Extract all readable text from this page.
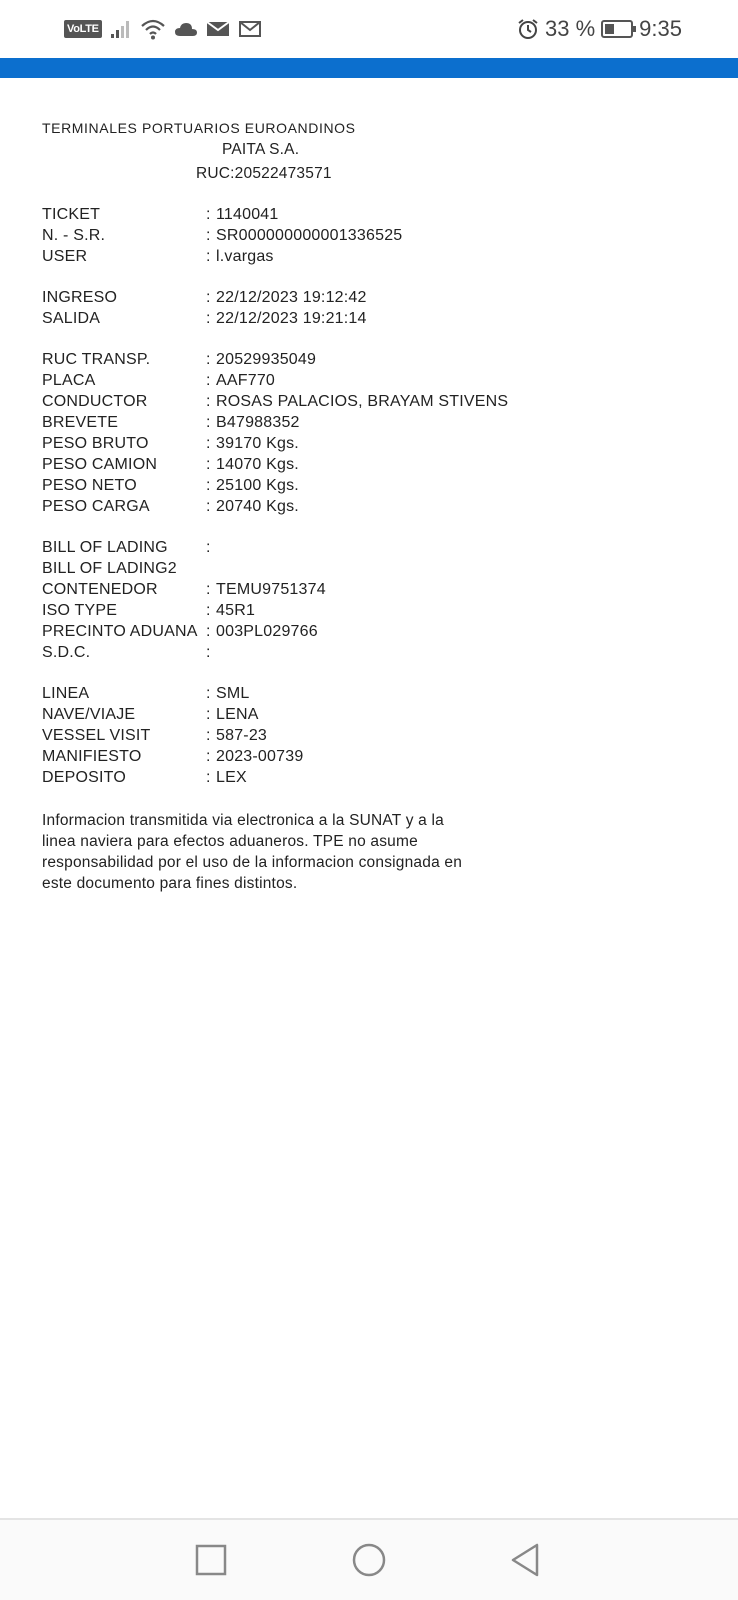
VoLTE	33 % 9:35
TERMINALES PORTUARIOS EUROANDINOS
PAITA S.A.
RUC:20522473571
TICKET	: 1140041
N. - S.R.	: SR000000000001336525
USER	: l.vargas
INGRESO	: 22/12/2023 19:12:42
SALIDA	: 22/12/2023 19:21:14
RUC TRANSP.	: 20529935049
PLACA	: AAF770
CONDUCTOR	: ROSAS PALACIOS, BRAYAM STIVENS
BREVETE	: B47988352
PESO BRUTO	: 39170 Kgs.
PESO CAMION	: 14070 Kgs.
PESO NETO	: 25100 Kgs.
PESO CARGA	: 20740 Kgs.
BILL OF LADING	:
BILL OF LADING2
CONTENEDOR	: TEMU9751374
ISO TYPE	: 45R1
PRECINTO ADUANA : 003PL029766
S.D.C.	:
LINEA	: SML
NAVE/VIAJE	: LENA
VESSEL VISIT	: 587-23
MANIFIESTO	: 2023-00739
DEPOSITO	: LEX
Informacion transmitida via electronica a la SUNAT y a la linea naviera para efectos aduaneros. TPE no asume responsabilidad por el uso de la informacion consignada en este documento para fines distintos.
